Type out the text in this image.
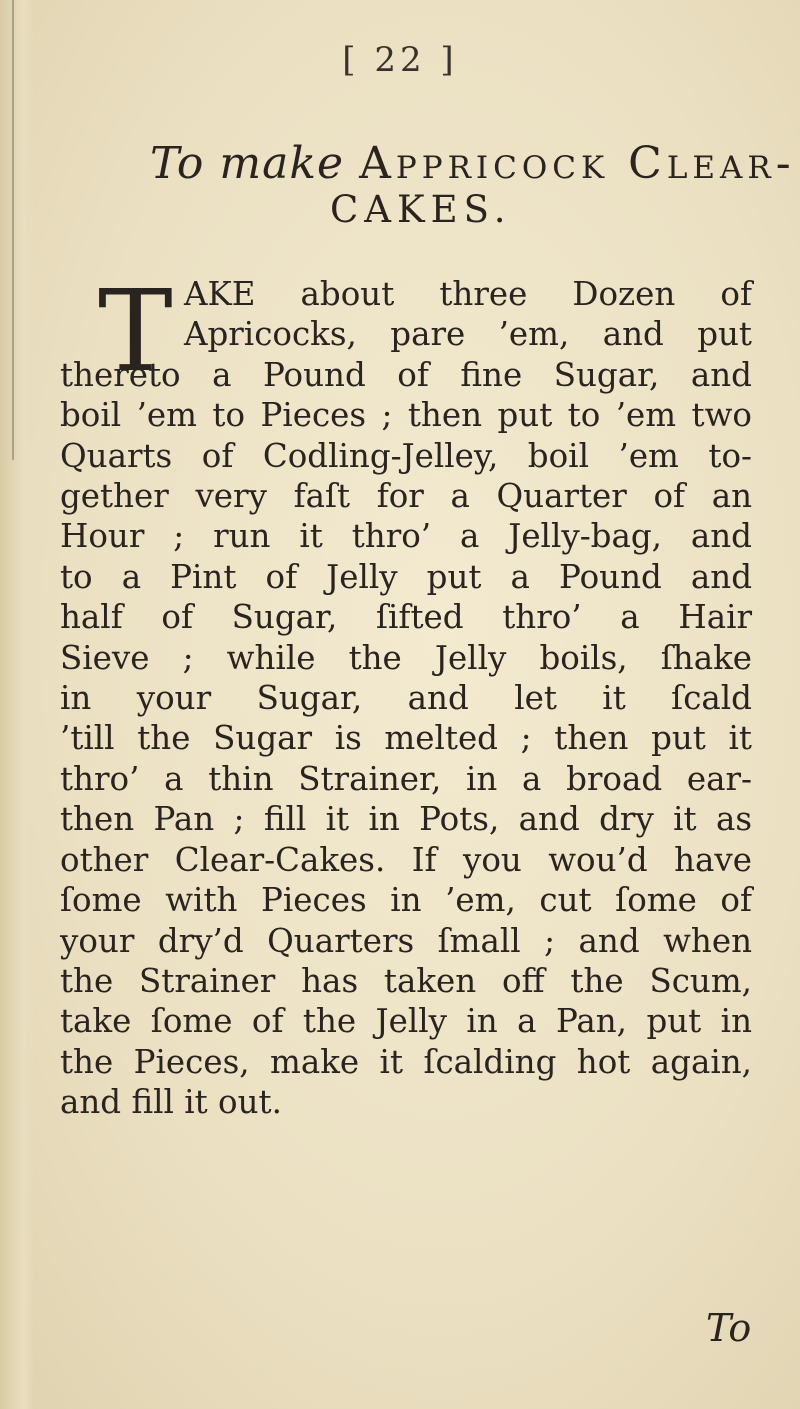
[ 22 ]
To make Appricock Clear-
CAKES.
T AKE about three Dozen of
Apricocks, pare ’em, and put
thereto a Pound of fine Sugar, and
boil ’em to Pieces ; then put to ’em two
Quarts of Codling-Jelley, boil ’em to-
gether very faſt for a Quarter of an
Hour ; run it thro’ a Jelly-bag, and
to a Pint of Jelly put a Pound and
half of Sugar, ſifted thro’ a Hair
Sieve ; while the Jelly boils, ſhake
in your Sugar, and let it ſcald
’till the Sugar is melted ; then put it
thro’ a thin Strainer, in a broad ear-
then Pan ; fill it in Pots, and dry it as
other Clear-Cakes. If you wou’d have
ſome with Pieces in ’em, cut ſome of
your dry’d Quarters ſmall ; and when
the Strainer has taken off the Scum,
take ſome of the Jelly in a Pan, put in
the Pieces, make it ſcalding hot again,
and fill it out.
To
